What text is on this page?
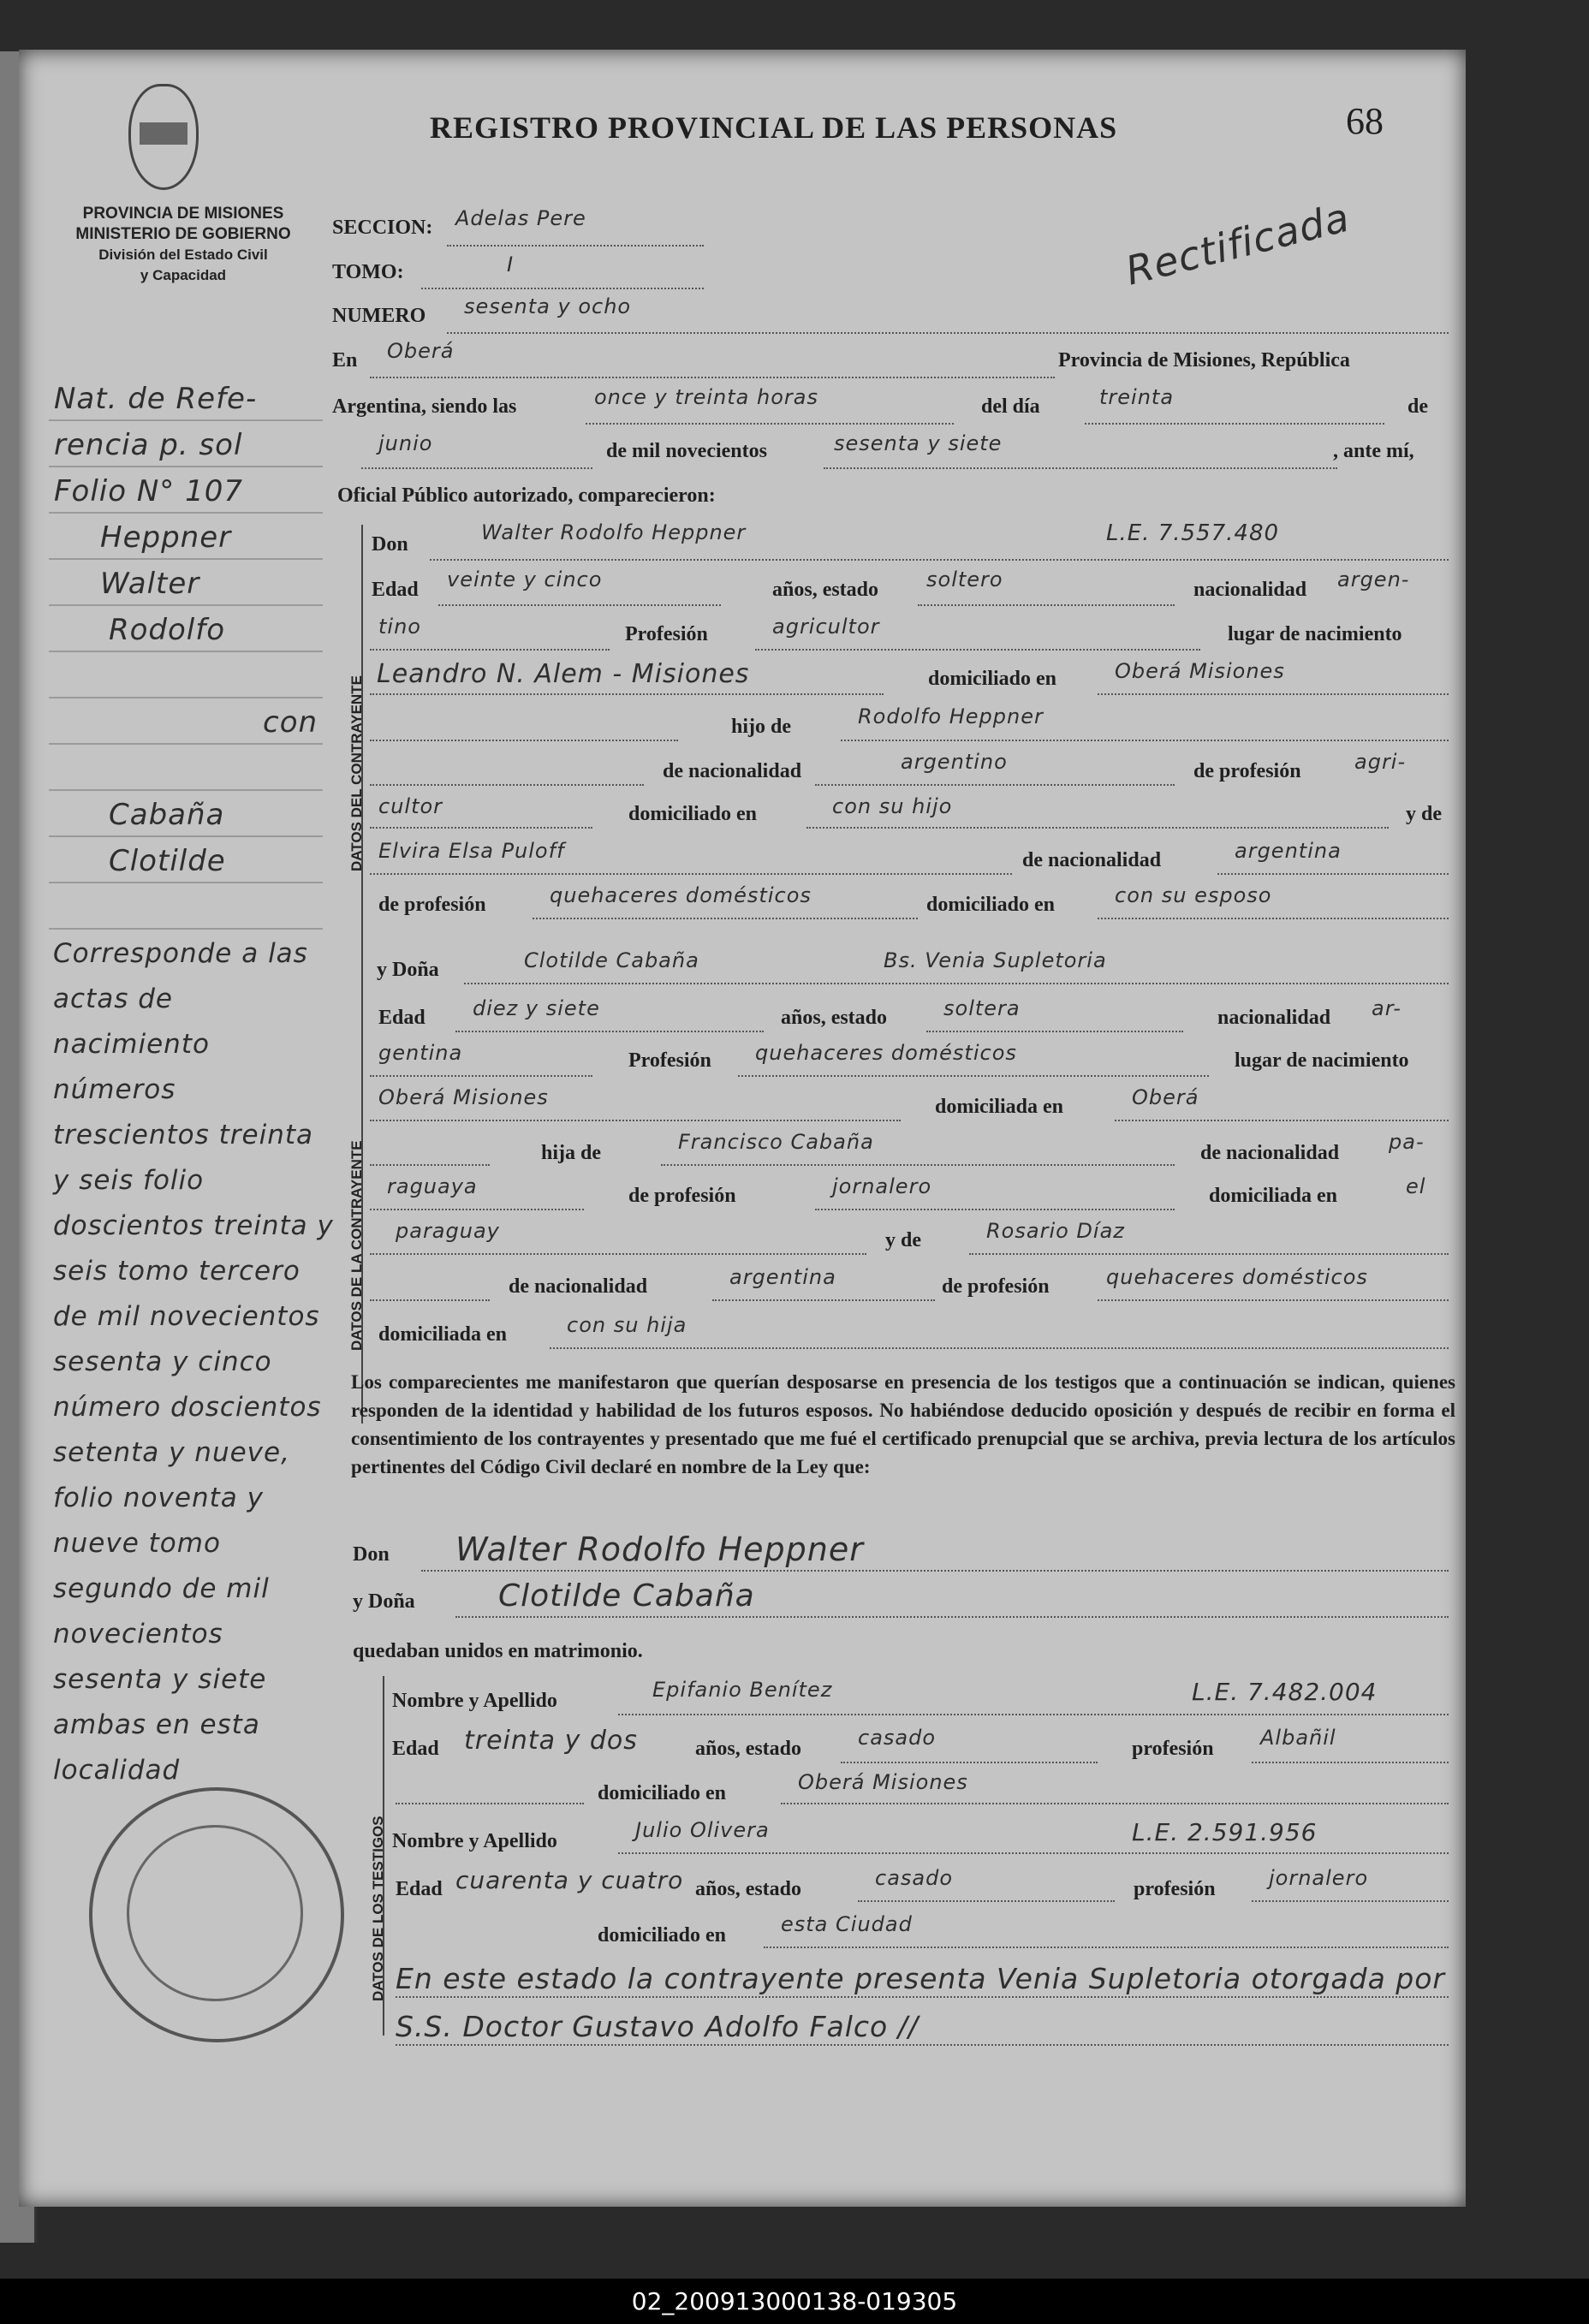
REGISTRO PROVINCIAL DE LAS PERSONAS	68
PROVINCIA DE MISIONES
MINISTERIO DE GOBIERNO
División del Estado Civil
y Capacidad	Rectificada
Nat. de Refe-
rencia p. sol
Folio N° 107
Heppner
Walter
Rodolfo
con
Cabaña
Clotilde
Corresponde a las actas de nacimiento números trescientos treinta y seis folio doscientos treinta y seis tomo tercero de mil novecientos sesenta y cinco número doscientos setenta y nueve, folio noventa y nueve tomo segundo de mil novecientos sesenta y siete ambas en esta localidad
SECCION: Adelas Pere
TOMO:	I
NUMERO sesenta y ocho
En Oberá	Provincia de Misiones, República
Argentina, siendo las	once y treinta horas	del día	treinta	de
junio	de mil novecientos	sesenta y siete	, ante mí,
Oficial Público autorizado, comparecieron:
DATOS DEL CONTRAYENTE
Don	Walter Rodolfo Heppner	L.E. 7.557.480
Edad veinte y cinco	años, estado soltero	nacionalidad argen-
tino	Profesión	agricultor	lugar de nacimiento
Leandro N. Alem - Misiones	domiciliado en	Oberá Misiones
hijo de	Rodolfo Heppner
de nacionalidad	argentino	de profesión	agri-
cultor	domiciliado en	con su hijo	y de
Elvira Elsa Puloff	de nacionalidad	argentina
de profesión	quehaceres domésticos	domiciliado en	con su esposo
DATOS DE LA CONTRAYENTE
y Doña	Clotilde Cabaña	Bs. Venia Supletoria
Edad diez y siete	años, estado	soltera	nacionalidad ar-
gentina	Profesión quehaceres domésticos	lugar de nacimiento
Oberá Misiones	domiciliada en	Oberá
hija de	Francisco Cabaña	de nacionalidad pa-
raguaya	de profesión	jornalero	domiciliada en	el
paraguay	y de	Rosario Díaz
de nacionalidad	argentina	de profesión	quehaceres domésticos
domiciliada en	con su hija
Los comparecientes me manifestaron que querían desposarse en presencia de los testigos que a continuación se indican, quienes responden de la identidad y habilidad de los futuros esposos. No habiéndose deducido oposición y después de recibir en forma el consentimiento de los contrayentes y presentado que me fué el certificado prenupcial que se archiva, previa lectura de los artículos pertinentes del Código Civil declaré en nombre de la Ley que:
Don Walter Rodolfo Heppner
y Doña	Clotilde Cabaña
quedaban unidos en matrimonio.
DATOS DE LOS TESTIGOS
Nombre y Apellido	Epifanio Benítez	L.E. 7.482.004
Edad treinta y dos	años, estado	casado	profesión Albañil
domiciliado en	Oberá Misiones
Nombre y Apellido	Julio Olivera	L.E. 2.591.956
Edad cuarenta y cuatro años, estado	casado	profesión	jornalero
domiciliado en	esta Ciudad
En este estado la contrayente presenta Venia Supletoria otorgada por S.S. Doctor Gustavo Adolfo Falco //
02_200913000138-019305
